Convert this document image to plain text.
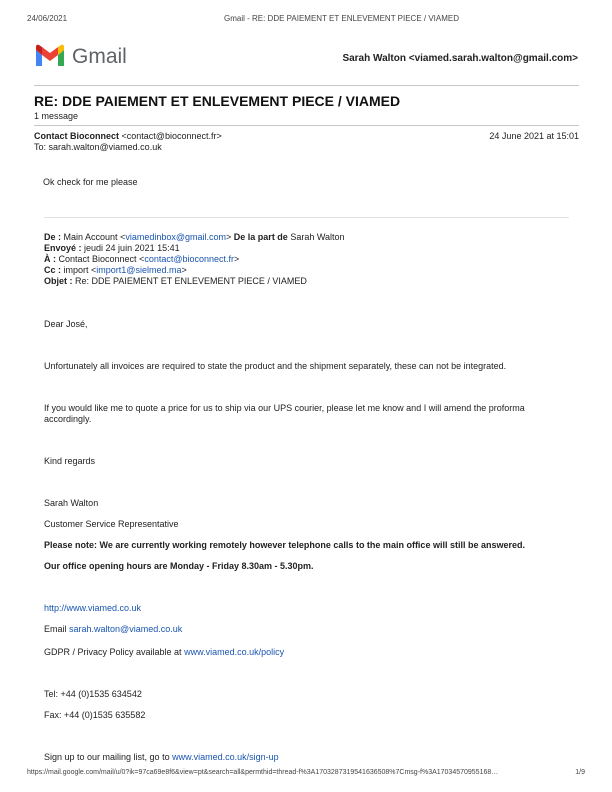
24/06/2021	Gmail - RE: DDE PAIEMENT ET ENLEVEMENT PIECE / VIAMED
Gmail	Sarah Walton <viamed.sarah.walton@gmail.com>
RE: DDE PAIEMENT ET ENLEVEMENT PIECE / VIAMED
1 message
Contact Bioconnect <contact@bioconnect.fr>	24 June 2021 at 15:01
To: sarah.walton@viamed.co.uk
Ok check for me please
De : Main Account <viamedinbox@gmail.com> De la part de Sarah Walton
Envoyé : jeudi 24 juin 2021 15:41
À : Contact Bioconnect <contact@bioconnect.fr>
Cc : import <import1@sielmed.ma>
Objet : Re: DDE PAIEMENT ET ENLEVEMENT PIECE / VIAMED
Dear José,
Unfortunately all invoices are required to state the product and the shipment separately, these can not be integrated.
If you would like me to quote a price for us to ship via our UPS courier, please let me know and I will amend the proforma accordingly.
Kind regards
Sarah Walton
Customer Service Representative
Please note: We are currently working remotely however telephone calls to the main office will still be answered.
Our office opening hours are Monday - Friday 8.30am - 5.30pm.
http://www.viamed.co.uk
Email sarah.walton@viamed.co.uk
GDPR / Privacy Policy available at www.viamed.co.uk/policy
Tel: +44 (0)1535 634542
Fax: +44 (0)1535 635582
Sign up to our mailing list, go to www.viamed.co.uk/sign-up
https://mail.google.com/mail/u/0?ik=97ca69e8f6&view=pt&search=all&permthid=thread-f%3A1703287319541636508%7Cmsg-f%3A17034570955168…	1/9
